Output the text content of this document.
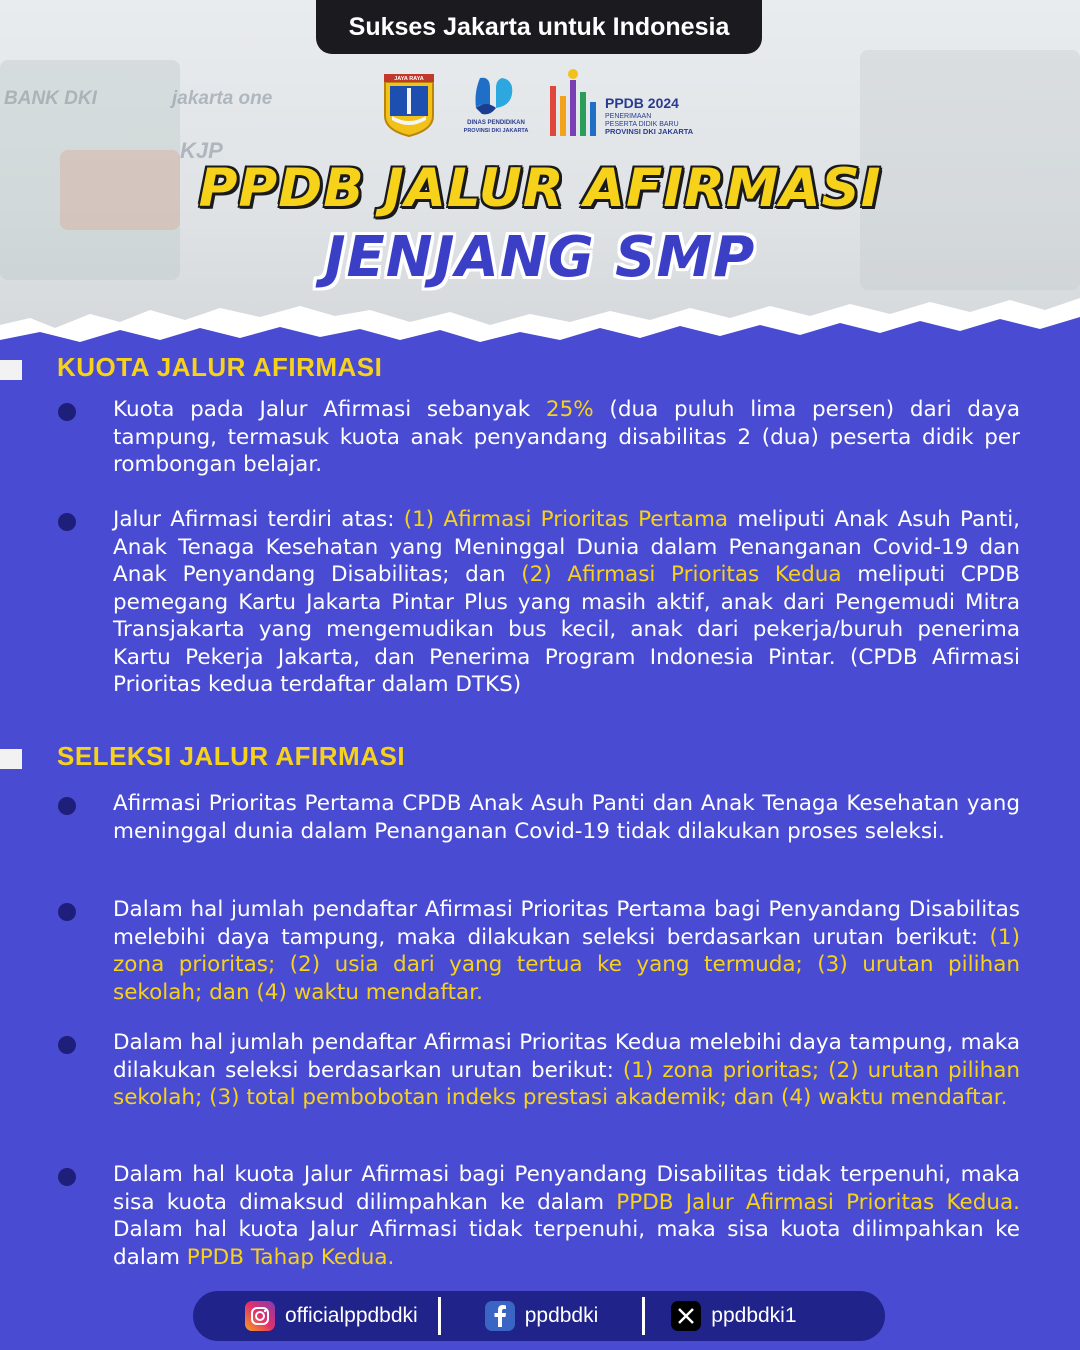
BANK DKI	jakarta one
KJP
Sukses Jakarta untuk Indonesia
JAYA RAYA
DINAS PENDIDIKAN
PROVINSI DKI JAKARTA
PPDB 2024
PENERIMAAN
PESERTA DIDIK BARU
PROVINSI DKI JAKARTA
PPDB JALUR AFIRMASI
JENJANG SMP
KUOTA JALUR AFIRMASI
Kuota pada Jalur Afirmasi sebanyak 25% (dua puluh lima persen) dari daya tampung, termasuk kuota anak penyandang disabilitas 2 (dua) peserta didik per rombongan belajar.
Jalur Afirmasi terdiri atas: (1) Afirmasi Prioritas Pertama meliputi Anak Asuh Panti, Anak Tenaga Kesehatan yang Meninggal Dunia dalam Penanganan Covid-19 dan Anak Penyandang Disabilitas; dan (2) Afirmasi Prioritas Kedua meliputi CPDB pemegang Kartu Jakarta Pintar Plus yang masih aktif, anak dari Pengemudi Mitra Transjakarta yang mengemudikan bus kecil, anak dari pekerja/buruh penerima Kartu Pekerja Jakarta, dan Penerima Program Indonesia Pintar. (CPDB Afirmasi Prioritas kedua terdaftar dalam DTKS)
SELEKSI JALUR AFIRMASI
Afirmasi Prioritas Pertama CPDB Anak Asuh Panti dan Anak Tenaga Kesehatan yang meninggal dunia dalam Penanganan Covid-19 tidak dilakukan proses seleksi.
Dalam hal jumlah pendaftar Afirmasi Prioritas Pertama bagi Penyandang Disabilitas melebihi daya tampung, maka dilakukan seleksi berdasarkan urutan berikut: (1) zona prioritas; (2) usia dari yang tertua ke yang termuda; (3) urutan pilihan sekolah; dan (4) waktu mendaftar.
Dalam hal jumlah pendaftar Afirmasi Prioritas Kedua melebihi daya tampung, maka dilakukan seleksi berdasarkan urutan berikut: (1) zona prioritas; (2) urutan pilihan sekolah; (3) total pembobotan indeks prestasi akademik; dan (4) waktu mendaftar.
Dalam hal kuota Jalur Afirmasi bagi Penyandang Disabilitas tidak terpenuhi, maka sisa kuota dimaksud dilimpahkan ke dalam PPDB Jalur Afirmasi Prioritas Kedua. Dalam hal kuota Jalur Afirmasi tidak terpenuhi, maka sisa kuota dilimpahkan ke dalam PPDB Tahap Kedua.
officialppdbdki	ppdbdki	ppdbdki1
